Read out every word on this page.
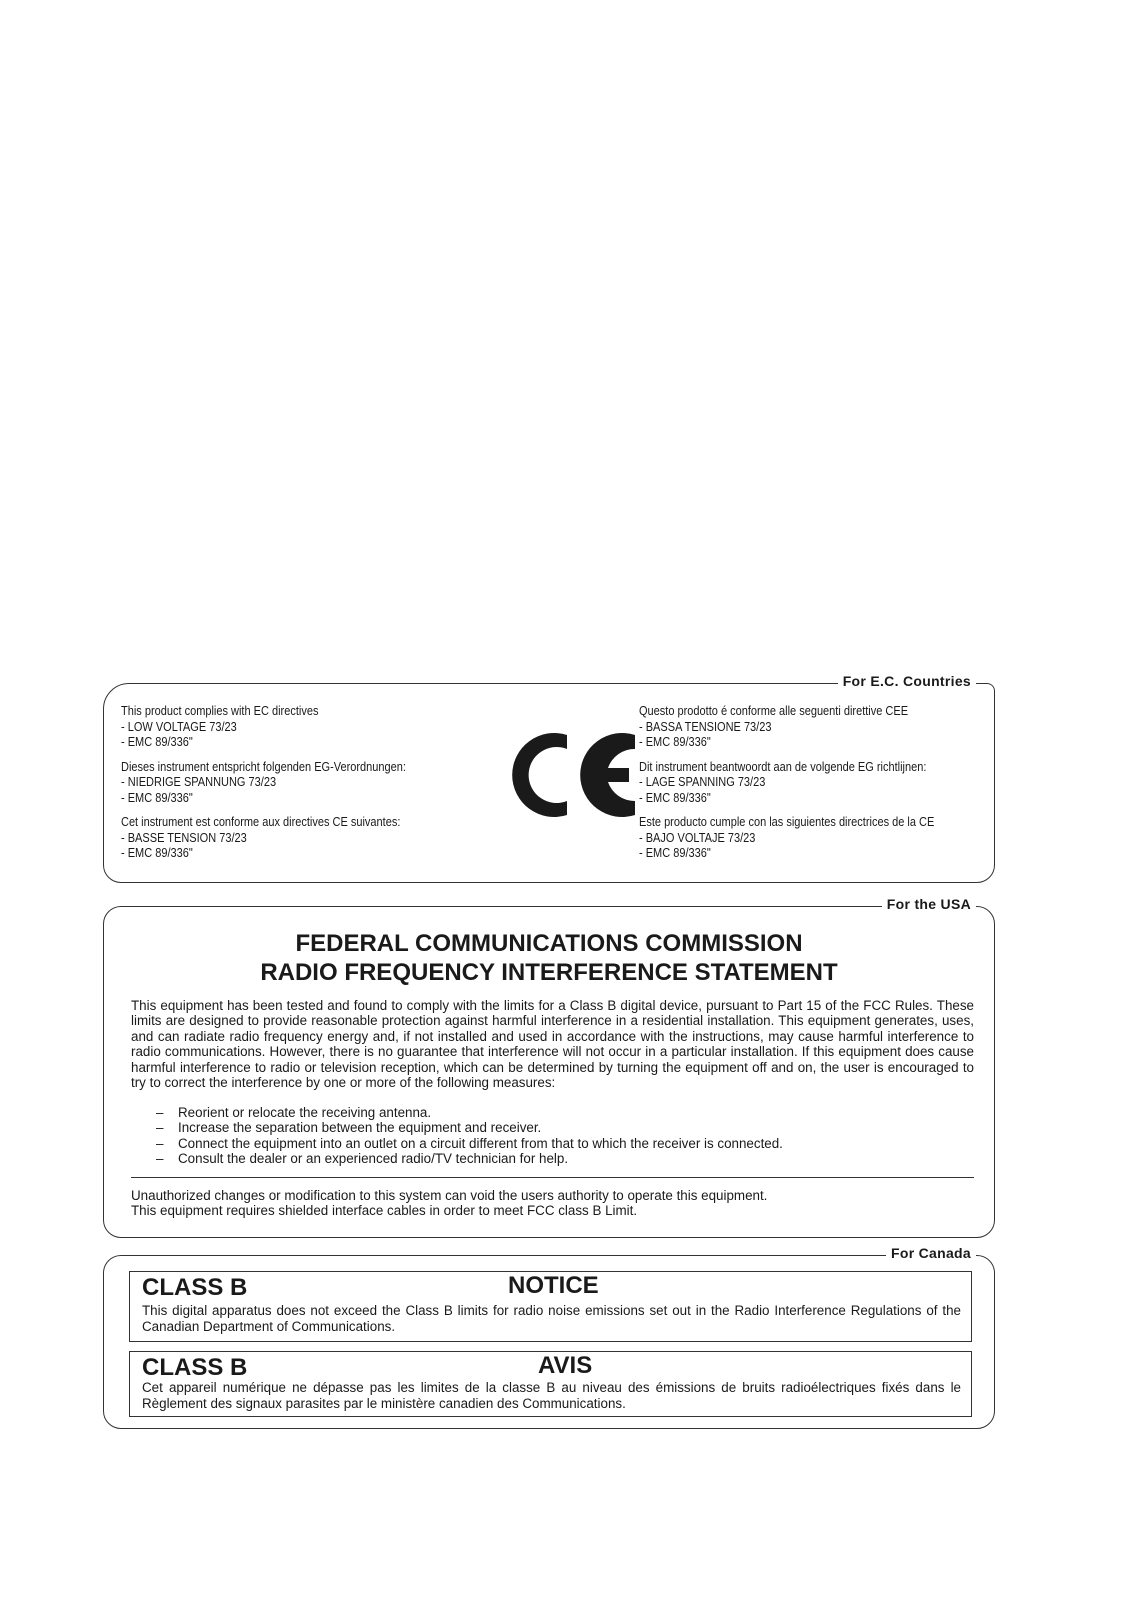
For E.C. Countries
This product complies with EC directives
- LOW VOLTAGE 73/23
- EMC 89/336"
Dieses instrument entspricht folgenden EG-Verordnungen:
- NIEDRIGE SPANNUNG 73/23
- EMC 89/336"
Cet instrument est conforme aux directives CE suivantes:
- BASSE TENSION 73/23
- EMC 89/336"
Questo prodotto é conforme alle seguenti direttive CEE
- BASSA TENSIONE 73/23
- EMC 89/336"
Dit instrument beantwoordt aan de volgende EG richtlijnen:
- LAGE SPANNING 73/23
- EMC 89/336"
Este producto cumple con las siguientes directrices de la CE
- BAJO VOLTAJE 73/23
- EMC 89/336"
For the USA
FEDERAL COMMUNICATIONS COMMISSION
RADIO FREQUENCY INTERFERENCE STATEMENT
This equipment has been tested and found to comply with the limits for a Class B digital device, pursuant to Part 15 of the FCC Rules. These limits are designed to provide reasonable protection against harmful interference in a residential installation. This equipment generates, uses, and can radiate radio frequency energy and, if not installed and used in accordance with the instructions, may cause harmful interference to radio communications. However, there is no guarantee that interference will not occur in a particular installation. If this equipment does cause harmful interference to radio or television reception, which can be determined by turning the equipment off and on, the user is encouraged to try to correct the interference by one or more of the following measures:
–	Reorient or relocate the receiving antenna.
–	Increase the separation between the equipment and receiver.
–	Connect the equipment into an outlet on a circuit different from that to which the receiver is connected.
–	Consult the dealer or an experienced radio/TV technician for help.
Unauthorized changes or modification to this system can void the users authority to operate this equipment.
This equipment requires shielded interface cables in order to meet FCC class B Limit.
For Canada
CLASS B	NOTICE
This digital apparatus does not exceed the Class B limits for radio noise emissions set out in the Radio Interference Regulations of the Canadian Department of Communications.
CLASS B	AVIS
Cet appareil numérique ne dépasse pas les limites de la classe B au niveau des émissions de bruits radioélectriques fixés dans le Règlement des signaux parasites par le ministère canadien des Communications.
